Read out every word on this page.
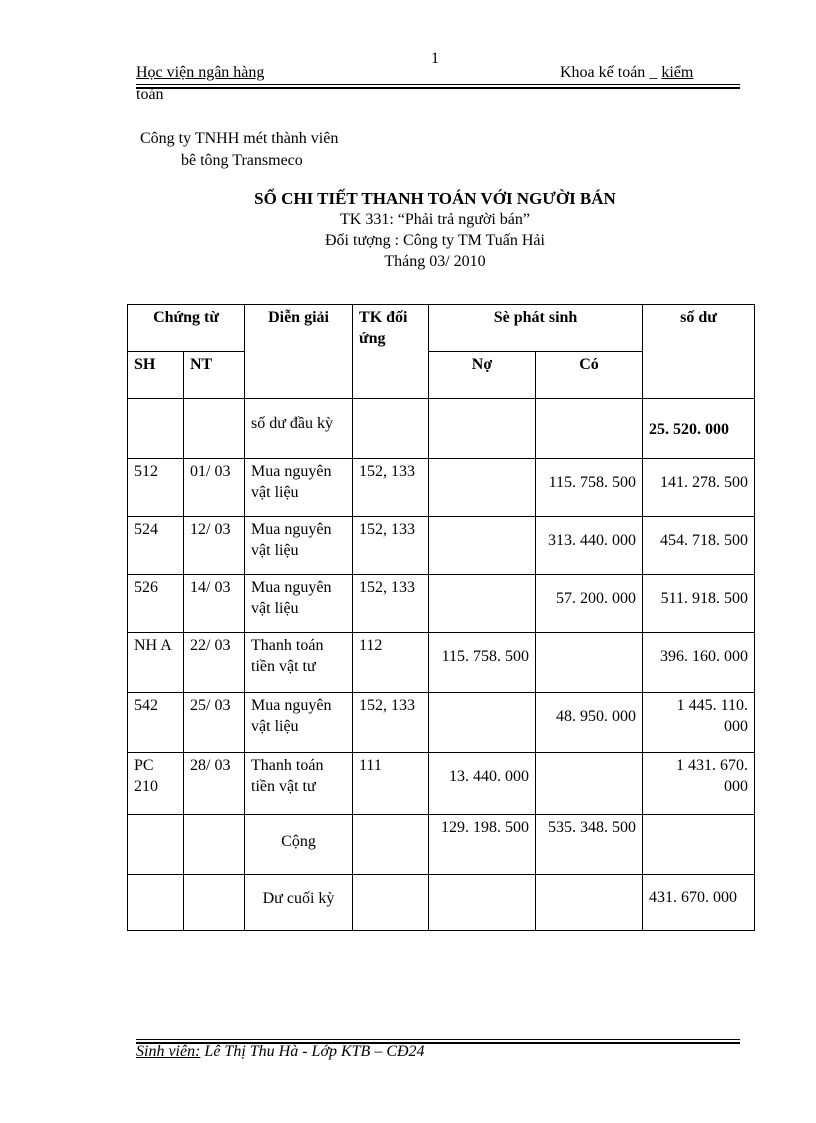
1
Học viện ngân hàng	Khoa kế toán _ kiểm
toán
Công ty TNHH mét thành viên
bê tông Transmeco
SỔ CHI TIẾT THANH TOÁN VỚI NGƯỜI BÁN
TK 331: “Phải trả người bán”
Đối tượng : Công ty TM Tuấn Hải
Tháng 03/ 2010
Chứng từ		Diễn giải	TK đối ứng	Sè phát sinh		số dư
SH	NT			Nợ	Có	
		số dư đầu kỳ				25. 520. 000
512	01/ 03	Mua nguyên vật liệu	152, 133		115. 758. 500	141. 278. 500
524	12/ 03	Mua nguyên vật liệu	152, 133		313. 440. 000	454. 718. 500
526	14/ 03	Mua nguyên vật liệu	152, 133		57. 200. 000	511. 918. 500
NH A	22/ 03	Thanh toán tiền vật tư	112	115. 758. 500		396. 160. 000
542	25/ 03	Mua nguyên vật liệu	152, 133		48. 950. 000	1 445. 110. 000
PC 210	28/ 03	Thanh toán tiền vật tư	111	13. 440. 000		1 431. 670. 000
		Cộng		129. 198. 500	535. 348. 500	
		Dư cuối kỳ				431. 670. 000
Sinh viên: Lê Thị Thu Hà - Lớp KTB – CĐ24
